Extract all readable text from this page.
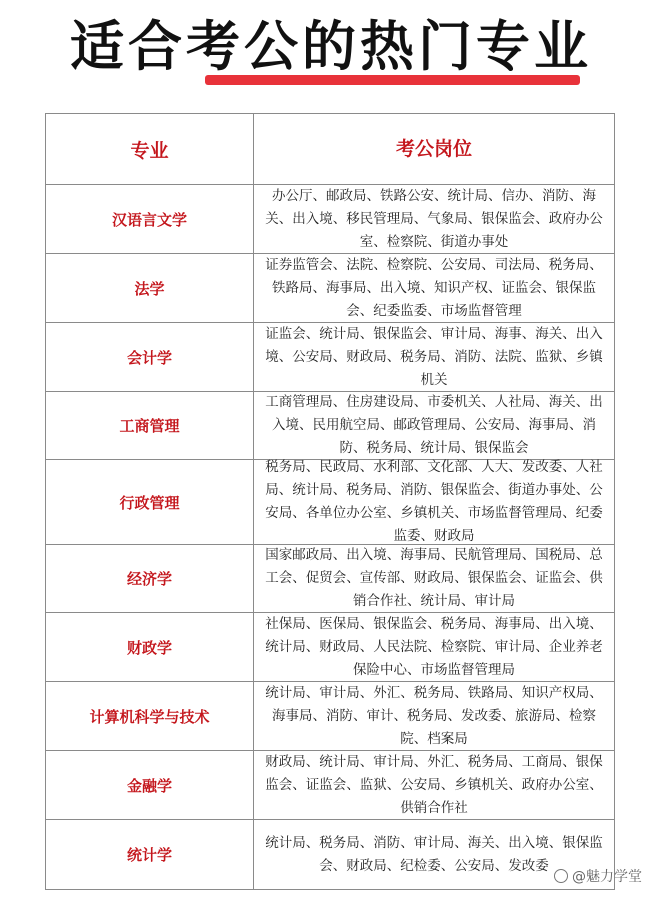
适合考公的热门专业
专业	考公岗位
汉语言文学
办公厅、邮政局、铁路公安、统计局、信办、消防、海关、出入境、移民管理局、气象局、银保监会、政府办公室、检察院、街道办事处
法学
证券监管会、法院、检察院、公安局、司法局、税务局、铁路局、海事局、出入境、知识产权、证监会、银保监会、纪委监委、市场监督管理
会计学
证监会、统计局、银保监会、审计局、海事、海关、出入境、公安局、财政局、税务局、消防、法院、监狱、乡镇机关
工商管理
工商管理局、住房建设局、市委机关、人社局、海关、出入境、民用航空局、邮政管理局、公安局、海事局、消防、税务局、统计局、银保监会
行政管理
税务局、民政局、水利部、文化部、人大、发改委、人社局、统计局、税务局、消防、银保监会、街道办事处、公安局、各单位办公室、乡镇机关、市场监督管理局、纪委监委、财政局
经济学
国家邮政局、出入境、海事局、民航管理局、国税局、总工会、促贸会、宣传部、财政局、银保监会、证监会、供销合作社、统计局、审计局
财政学
社保局、医保局、银保监会、税务局、海事局、出入境、统计局、财政局、人民法院、检察院、审计局、企业养老保险中心、市场监督管理局
计算机科学与技术
统计局、审计局、外汇、税务局、铁路局、知识产权局、海事局、消防、审计、税务局、发改委、旅游局、检察院、档案局
金融学
财政局、统计局、审计局、外汇、税务局、工商局、银保监会、证监会、监狱、公安局、乡镇机关、政府办公室、供销合作社
统计学
统计局、税务局、消防、审计局、海关、出入境、银保监会、财政局、纪检委、公安局、发改委
@魅力学堂
